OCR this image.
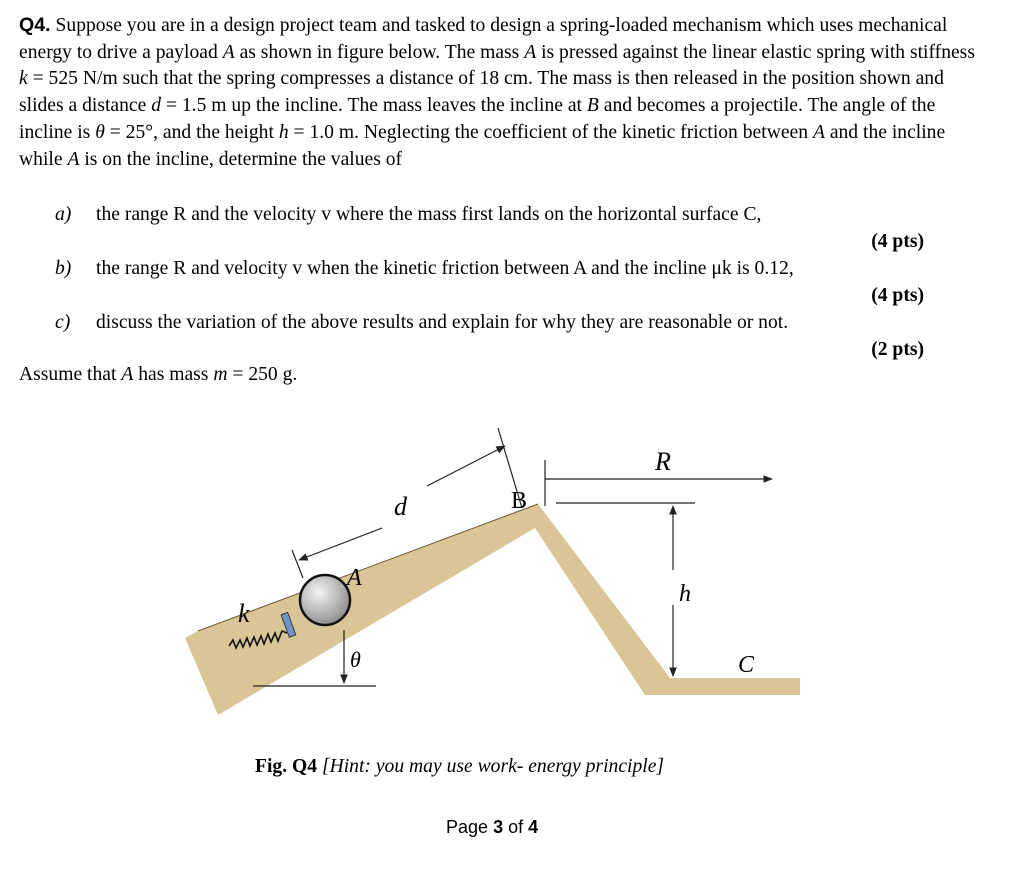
Q4. Suppose you are in a design project team and tasked to design a spring-loaded mechanism which uses mechanical energy to drive a payload A as shown in figure below. The mass A is pressed against the linear elastic spring with stiffness k = 525 N/m such that the spring compresses a distance of 18 cm. The mass is then released in the position shown and slides a distance d = 1.5 m up the incline. The mass leaves the incline at B and becomes a projectile. The angle of the incline is θ = 25°, and the height h = 1.0 m. Neglecting the coefficient of the kinetic friction between A and the incline while A is on the incline, determine the values of

a) the range R and the velocity v where the mass first lands on the horizontal surface C,
(4 pts)
b) the range R and velocity v when the kinetic friction between A and the incline μk is 0.12,
(4 pts)
c) discuss the variation of the above results and explain for why they are reasonable or not.
(2 pts)
Assume that A has mass m = 250 g.
θ
k
A
d	B
R
h
C
Fig. Q4 [Hint: you may use work- energy principle]
Page 3 of 4
